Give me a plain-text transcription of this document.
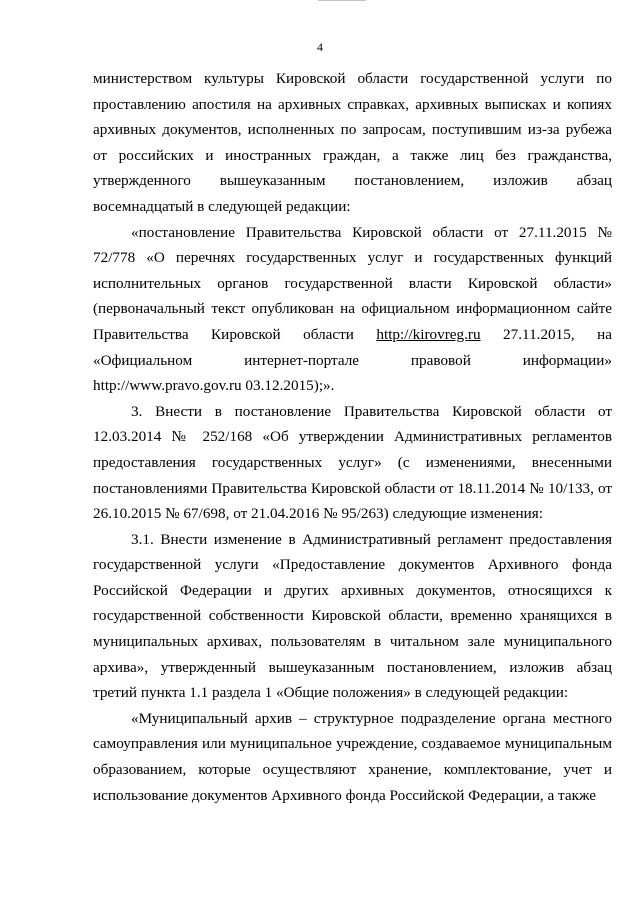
4

министерством культуры Кировской области государственной услуги по проставлению апостиля на архивных справках, архивных выписках и копиях архивных документов, исполненных по запросам, поступившим из-за рубежа от российских и иностранных граждан, а также лиц без гражданства, утвержденного вышеуказанным постановлением, изложив абзац восемнадцатый в следующей редакции:

«постановление Правительства Кировской области от 27.11.2015 № 72/778 «О перечнях государственных услуг и государственных функций исполнительных органов государственной власти Кировской области» (первоначальный текст опубликован на официальном информационном сайте Правительства Кировской области http://kirovreg.ru 27.11.2015, на «Официальном интернет-портале правовой информации» http://www.pravo.gov.ru 03.12.2015);».

3. Внести в постановление Правительства Кировской области от 12.03.2014 № 252/168 «Об утверждении Административных регламентов предоставления государственных услуг» (с изменениями, внесенными постановлениями Правительства Кировской области от 18.11.2014 № 10/133, от 26.10.2015 № 67/698, от 21.04.2016 № 95/263) следующие изменения:

3.1. Внести изменение в Административный регламент предоставления государственной услуги «Предоставление документов Архивного фонда Российской Федерации и других архивных документов, относящихся к государственной собственности Кировской области, временно хранящихся в муниципальных архивах, пользователям в читальном зале муниципального архива», утвержденный вышеуказанным постановлением, изложив абзац третий пункта 1.1 раздела 1 «Общие положения» в следующей редакции:

«Муниципальный архив – структурное подразделение органа местного самоуправления или муниципальное учреждение, создаваемое муниципальным образованием, которые осуществляют хранение, комплектование, учет и использование документов Архивного фонда Российской Федерации, а также
